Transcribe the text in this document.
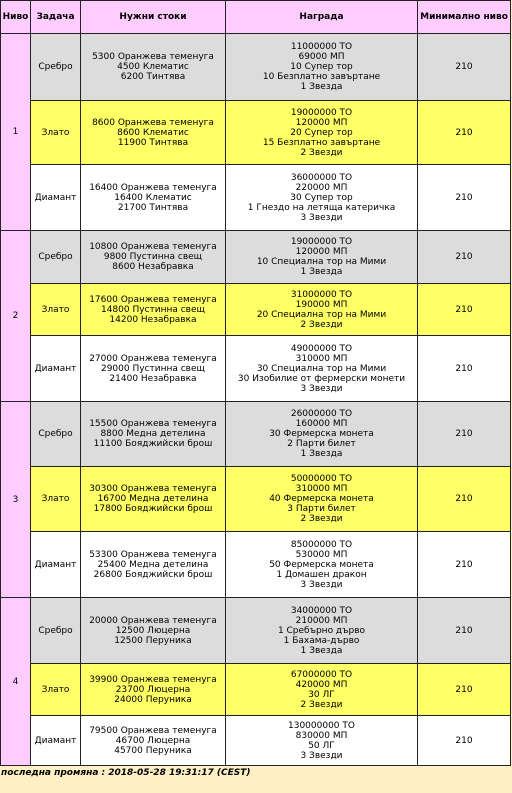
Ниво	Задача	Нужни стоки	Награда	Минимално ниво
1	Сребро	5300 Оранжева теменуга
4500 Клематис
6200 Тинтява	11000000 ТО
69000 МП
10 Супер тор
10 Безплатно завъртане
1 Звезда	210
	Злато	8600 Оранжева теменуга
8600 Клематис
11900 Тинтява	19000000 ТО
120000 МП
20 Супер тор
15 Безплатно завъртане
2 Звезди	210
	Диамант	16400 Оранжева теменуга
16400 Клематис
21700 Тинтява	36000000 ТО
220000 МП
30 Супер тор
1 Гнездо на летяща катеричка
3 Звезди	210
2	Сребро	10800 Оранжева теменуга
9800 Пустинна свещ
8600 Незабравка	19000000 ТО
120000 МП
10 Специална тор на Мими
1 Звезда	210
	Злато	17600 Оранжева теменуга
14800 Пустинна свещ
14200 Незабравка	31000000 ТО
190000 МП
20 Специална тор на Мими
2 Звезди	210
	Диамант	27000 Оранжева теменуга
29000 Пустинна свещ
21400 Незабравка	49000000 ТО
310000 МП
30 Специална тор на Мими
30 Изобилие от фермерски монети
3 Звезди	210
3	Сребро	15500 Оранжева теменуга
8800 Медна детелина
11100 Бояджийски брош	26000000 ТО
160000 МП
30 Фермерска монета
2 Парти билет
1 Звезда	210
	Злато	30300 Оранжева теменуга
16700 Медна детелина
17800 Бояджийски брош	50000000 ТО
310000 МП
40 Фермерска монета
3 Парти билет
2 Звезди	210
	Диамант	53300 Оранжева теменуга
25400 Медна детелина
26800 Бояджийски брош	85000000 ТО
530000 МП
50 Фермерска монета
1 Домашен дракон
3 Звезди	210
4	Сребро	20000 Оранжева теменуга
12500 Люцерна
12500 Перуника	34000000 ТО
210000 МП
1 Сребърно дърво
1 Бахама-дърво
1 Звезда	210
	Злато	39900 Оранжева теменуга
23700 Люцерна
24000 Перуника	67000000 ТО
420000 МП
30 ЛГ
2 Звезди	210
	Диамант	79500 Оранжева теменуга
46700 Люцерна
45700 Перуника	130000000 ТО
830000 МП
50 ЛГ
3 Звезди	210
последна промяна : 2018-05-28 19:31:17 (CEST)
